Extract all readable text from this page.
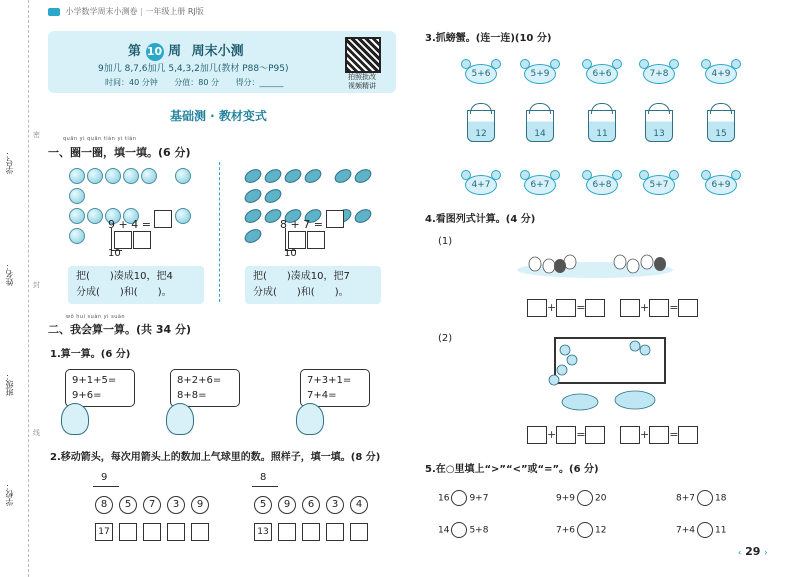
小学数学周末小测卷 | 一年级上册 RJ版
学号：
姓名：
班级：
学校：
密
封
线
第 10 周 周末小测
9加几 8,7,6加几 5,4,3,2加几(教材 P88～P95)
时间：40 分钟 分值：80 分 得分：______
拍照批改
视频精讲
基础测 · 教材变式
quān yi quān tián yi tián
一、圈一圈，填一填。(6 分)

9 + 4 =
10
把(　　)凑成10，把4
分成(　　)和(　　)。

8 + 7 =
10
把(　　)凑成10，把7
分成(　　)和(　　)。
wǒ huì suàn yi suàn
二、我会算一算。(共 34 分)
1.算一算。(6 分)
9+1+5=
9+6=
8+2+6=
8+8=
7+3+1=
7+4=
2.移动箭头，每次用箭头上的数加上气球里的数。照样子，填一填。(8 分)
9
8
17
5	7	3	9
8
5
13
9	6	3	4
3.抓螃蟹。(连一连)(10 分)
5+6	5+9	6+6	7+8	4+9
12	14	11	13	15
4+7	6+7	6+8	5+7	6+9
4.看图列式计算。(4 分)
(1)
+ =	+ =
(2)
+ =	+ =
5.在○里填上“>”“<”或“=”。(6 分)
16 9+7	9+9 20	8+7 18
14 5+8	7+6 12	7+4 11
‹ 29 ›
